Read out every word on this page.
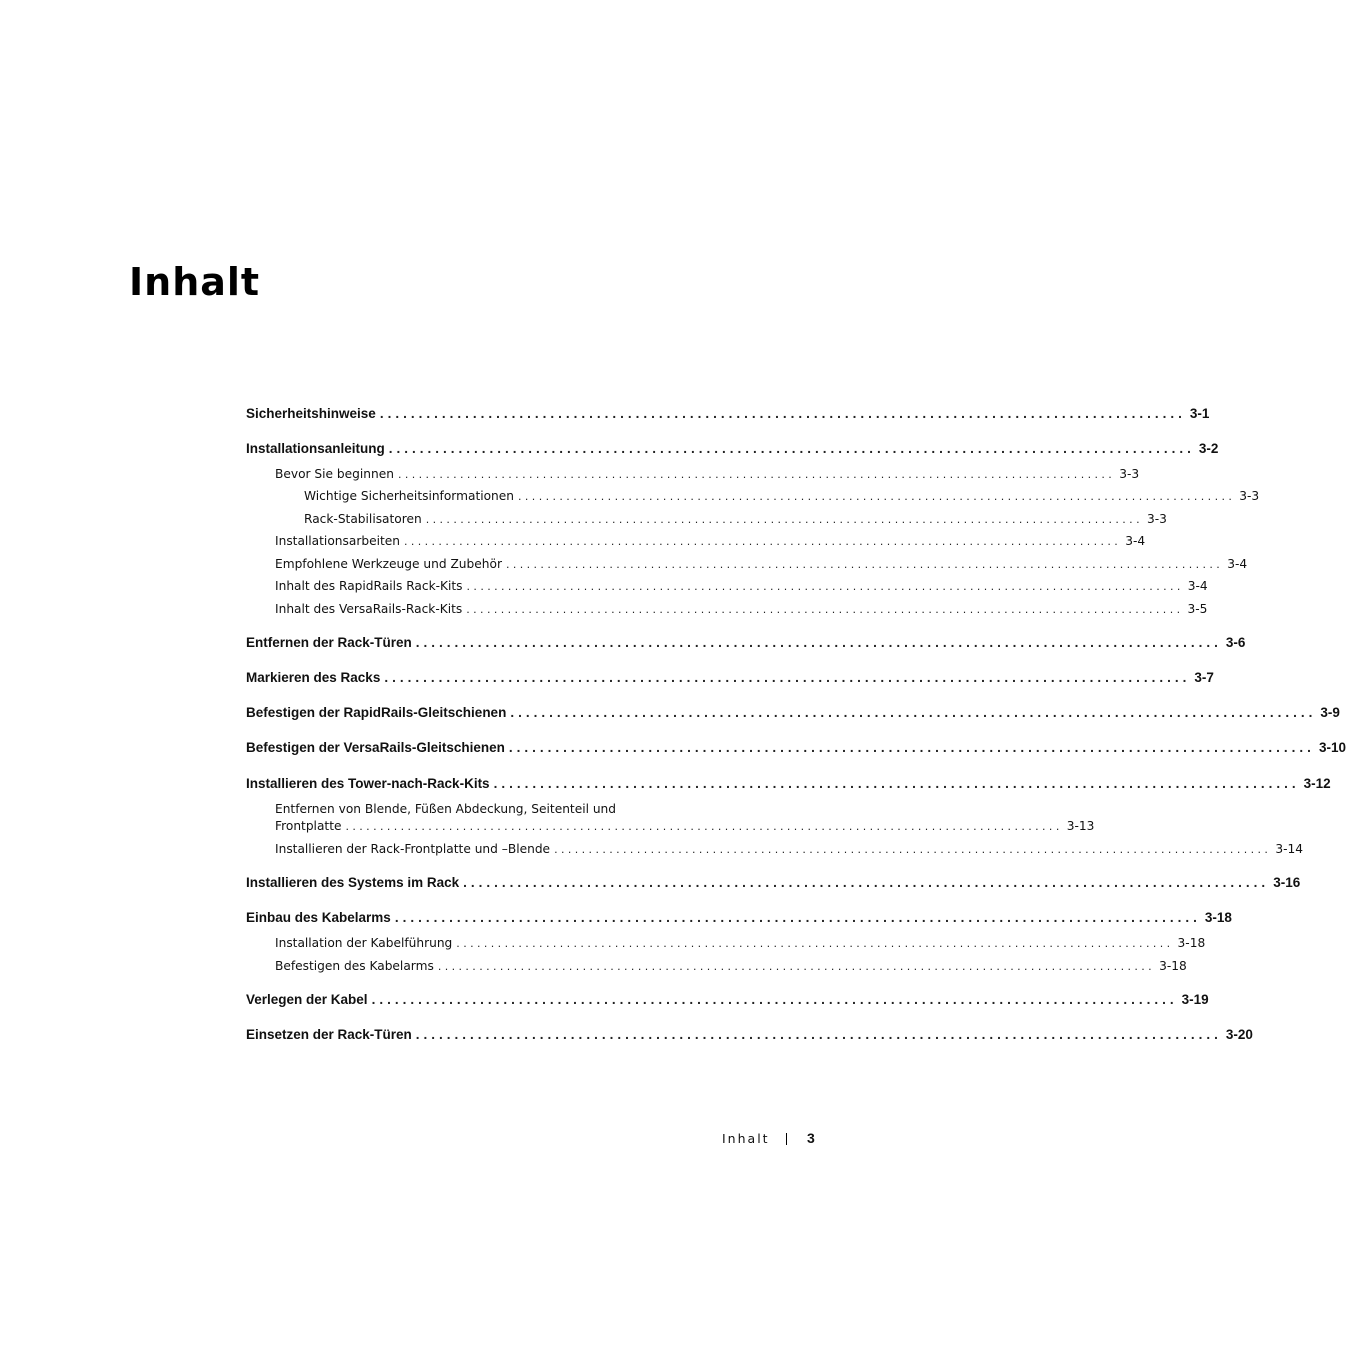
Inhalt
Sicherheitshinweise ........................................................................................................ 3-1
Installationsanleitung ........................................................................................................ 3-2
Bevor Sie beginnen ........................................................................................................ 3-3
Wichtige Sicherheitsinformationen ........................................................................................................ 3-3
Rack-Stabilisatoren ........................................................................................................ 3-3
Installationsarbeiten ........................................................................................................ 3-4
Empfohlene Werkzeuge und Zubehör ........................................................................................................ 3-4
Inhalt des RapidRails Rack-Kits ........................................................................................................ 3-4
Inhalt des VersaRails-Rack-Kits ........................................................................................................ 3-5
Entfernen der Rack-Türen ........................................................................................................ 3-6
Markieren des Racks ........................................................................................................ 3-7
Befestigen der RapidRails-Gleitschienen ........................................................................................................ 3-9
Befestigen der VersaRails-Gleitschienen ........................................................................................................ 3-10
Installieren des Tower-nach-Rack-Kits ........................................................................................................ 3-12
Entfernen von Blende, Füßen Abdeckung, Seitenteil und
Frontplatte ........................................................................................................ 3-13
Installieren der Rack-Frontplatte und –Blende ........................................................................................................ 3-14
Installieren des Systems im Rack ........................................................................................................ 3-16
Einbau des Kabelarms ........................................................................................................ 3-18
Installation der Kabelführung ........................................................................................................ 3-18
Befestigen des Kabelarms ........................................................................................................ 3-18
Verlegen der Kabel ........................................................................................................ 3-19
Einsetzen der Rack-Türen ........................................................................................................ 3-20
Inhalt	3
